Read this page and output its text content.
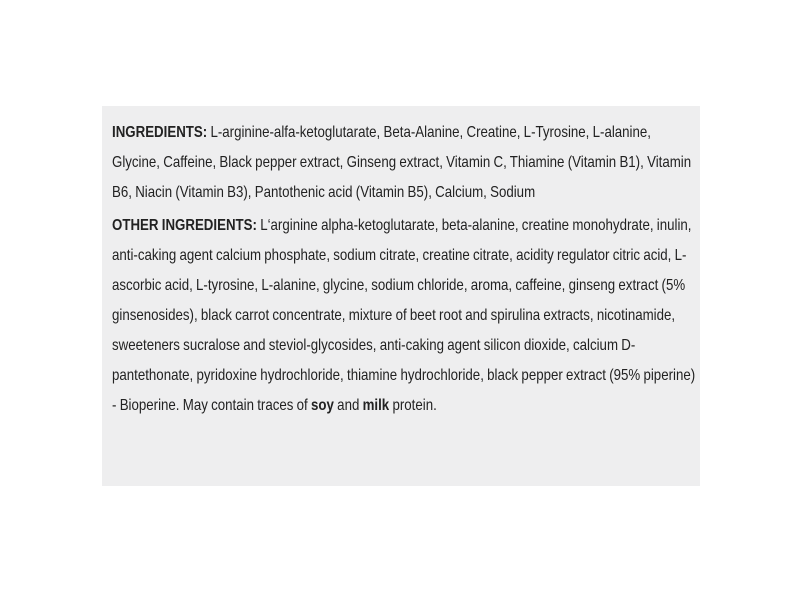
INGREDIENTS: L-arginine-alfa-ketoglutarate, Beta-Alanine, Creatine, L-Tyrosine, L-alanine, Glycine, Caffeine, Black pepper extract, Ginseng extract, Vitamin C, Thiamine (Vitamin B1), Vitamin B6, Niacin (Vitamin B3), Pantothenic acid (Vitamin B5), Calcium, Sodium
OTHER INGREDIENTS: L‘arginine alpha-ketoglutarate, beta-alanine, creatine monohydrate, inulin, anti-caking agent calcium phosphate, sodium citrate, creatine citrate, acidity regulator citric acid, L-ascorbic acid, L-tyrosine, L-alanine, glycine, sodium chloride, aroma, caffeine, ginseng extract (5% ginsenosides), black carrot concentrate, mixture of beet root and spirulina extracts, nicotinamide, sweeteners sucralose and steviol-glycosides, anti-caking agent silicon dioxide, calcium D-pantethonate, pyridoxine hydrochloride, thiamine hydrochloride, black pepper extract (95% piperine) - Bioperine. May contain traces of soy and milk protein.
